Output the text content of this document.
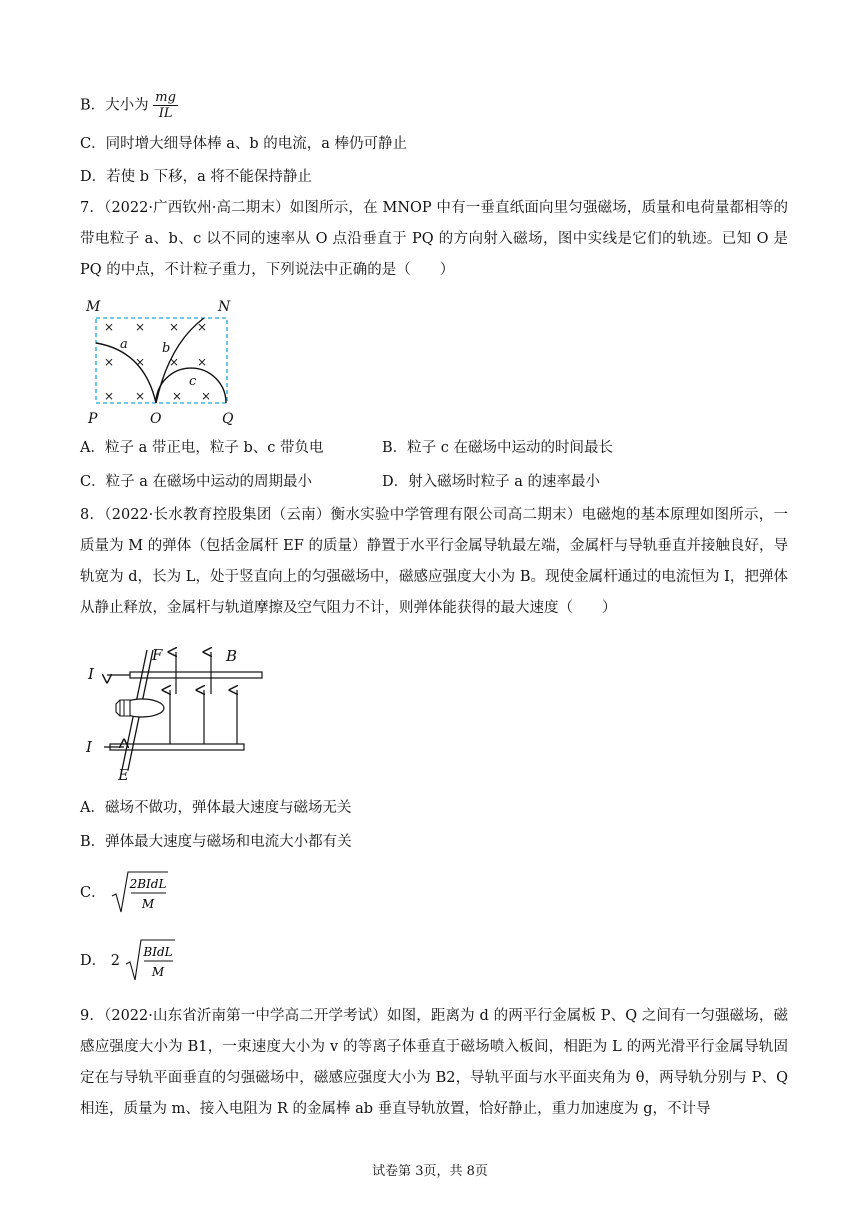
B．大小为 $\frac{mg}{IL}$
C．同时增大细导体棒 a、b 的电流，a 棒仍可静止
D．若使 b 下移，a 将不能保持静止
7．（2022·广西钦州·高二期末）如图所示，在 MNOP 中有一垂直纸面向里匀强磁场，质量和电荷量都相等的带电粒子 a、b、c 以不同的速率从 O 点沿垂直于 PQ 的方向射入磁场，图中实线是它们的轨迹。已知 O 是 PQ 的中点，不计粒子重力，下列说法中正确的是（　　）
× × × ×
× × × ×
× × × ×
M	N
P	O	Q
a	b
c
A．粒子 a 带正电，粒子 b、c 带负电	B．粒子 c 在磁场中运动的时间最长
C．粒子 a 在磁场中运动的周期最小	D．射入磁场时粒子 a 的速率最小
8．（2022·长水教育控股集团（云南）衡水实验中学管理有限公司高二期末）电磁炮的基本原理如图所示，一质量为 M 的弹体（包括金属杆 EF 的质量）静置于水平行金属导轨最左端，金属杆与导轨垂直并接触良好，导轨宽为 d，长为 L，处于竖直向上的匀强磁场中，磁感应强度大小为 B。现使金属杆通过的电流恒为 I，把弹体从静止释放，金属杆与轨道摩擦及空气阻力不计，则弹体能获得的最大速度（　　）
I
I
F
E
B
A．磁场不做功，弹体最大速度与磁场无关
B．弹体最大速度与磁场和电流大小都有关
C．
2BIdL
M
D． 2
BIdL
M
9．（2022·山东省沂南第一中学高二开学考试）如图，距离为 d 的两平行金属板 P、Q 之间有一匀强磁场，磁感应强度大小为 B1，一束速度大小为 v 的等离子体垂直于磁场喷入板间，相距为 L 的两光滑平行金属导轨固定在与导轨平面垂直的匀强磁场中，磁感应强度大小为 B2，导轨平面与水平面夹角为 θ，两导轨分别与 P、Q 相连，质量为 m、接入电阻为 R 的金属棒 ab 垂直导轨放置，恰好静止，重力加速度为 g，不计导
试卷第 3页，共 8页
